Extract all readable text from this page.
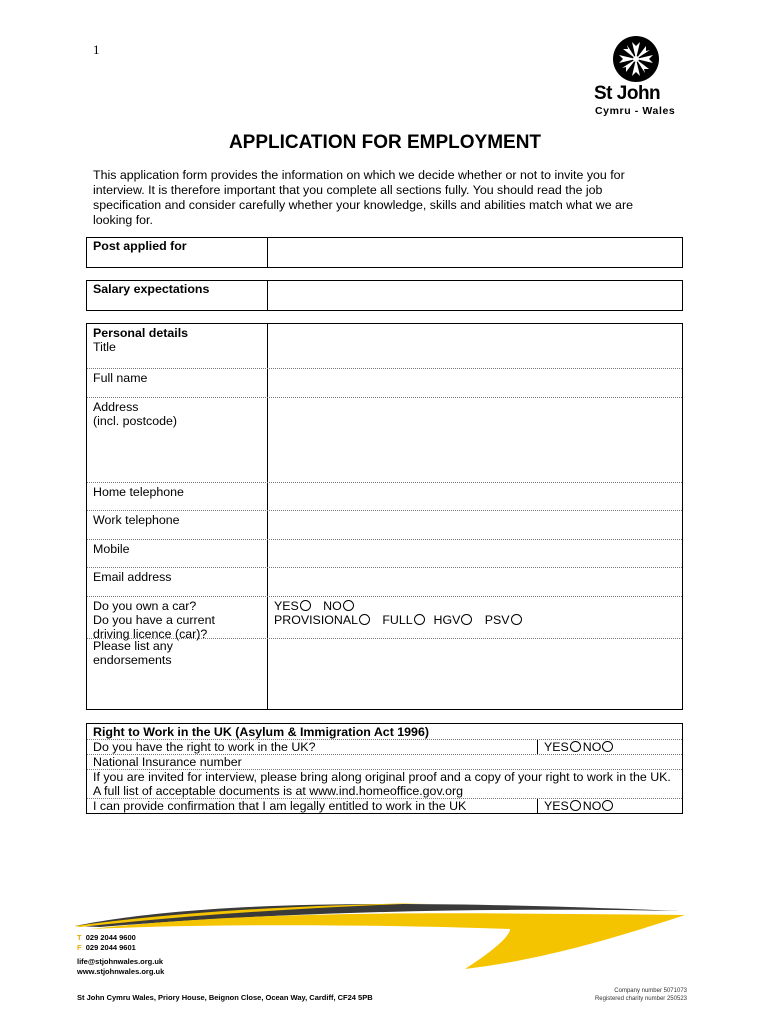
1
St John
Cymru - Wales
APPLICATION FOR EMPLOYMENT
This application form provides the information on which we decide whether or not to invite you for interview. It is therefore important that you complete all sections fully. You should read the job specification and consider carefully whether your knowledge, skills and abilities match what we are looking for.
Post applied for
Salary expectations
Personal details
Title
Full name
Address
(incl. postcode)
Home telephone
Work telephone
Mobile
Email address
Do you own a car?
Do you have a current
driving licence (car)?
YES NO
PROVISIONAL FULL HGV PSV
Please list any
endorsements
Right to Work in the UK (Asylum & Immigration Act 1996)
Do you have the right to work in the UK?	YES NO
National Insurance number
If you are invited for interview, please bring along original proof and a copy of your right to work in the UK. A full list of acceptable documents is at www.ind.homeoffice.gov.org
I can provide confirmation that I am legally entitled to work in the UK	YES NO
T 029 2044 9600
F 029 2044 9601
life@stjohnwales.org.uk
www.stjohnwales.org.uk
St John Cymru Wales, Priory House, Beignon Close, Ocean Way, Cardiff, CF24 5PB
Company number 5071073
Registered charity number 250523
